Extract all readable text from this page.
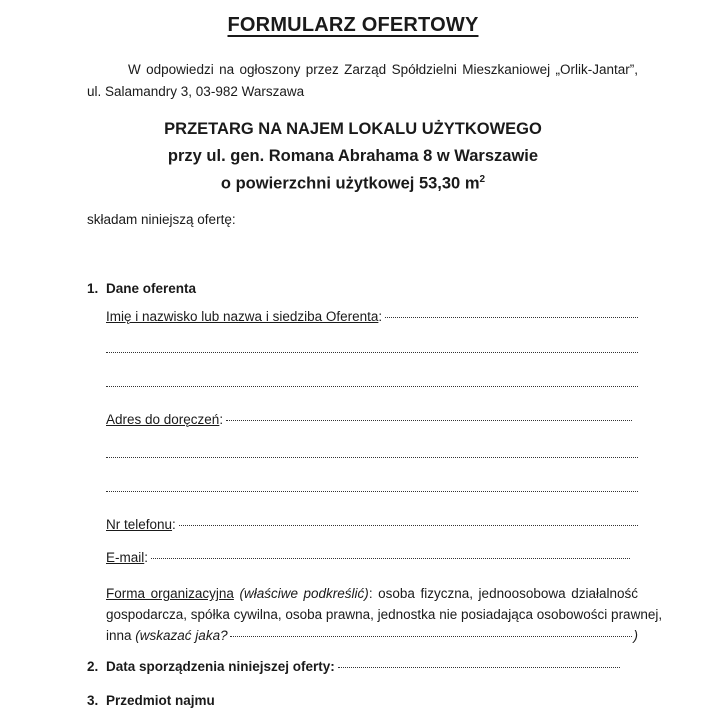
FORMULARZ OFERTOWY
W odpowiedzi na ogłoszony przez Zarząd Spółdzielni Mieszkaniowej „Orlik-Jantar”,
ul. Salamandry 3, 03-982 Warszawa
PRZETARG NA NAJEM LOKALU UŻYTKOWEGO
przy ul. gen. Romana Abrahama 8 w Warszawie
o powierzchni użytkowej 53,30 $m^2$
składam niniejszą ofertę:
1. Dane oferenta
Imię i nazwisko lub nazwa i siedziba Oferenta :
Adres do doręczeń :
Nr telefonu :
E-mail :
Forma organizacyjna (właściwe podkreślić): osoba fizyczna, jednoosobowa działalność
gospodarcza, spółka cywilna, osoba prawna, jednostka nie posiadająca osobowości prawnej,
inna
(wskazać jaka?	)
2. Data sporządzenia niniejszej oferty:
3. Przedmiot najmu
